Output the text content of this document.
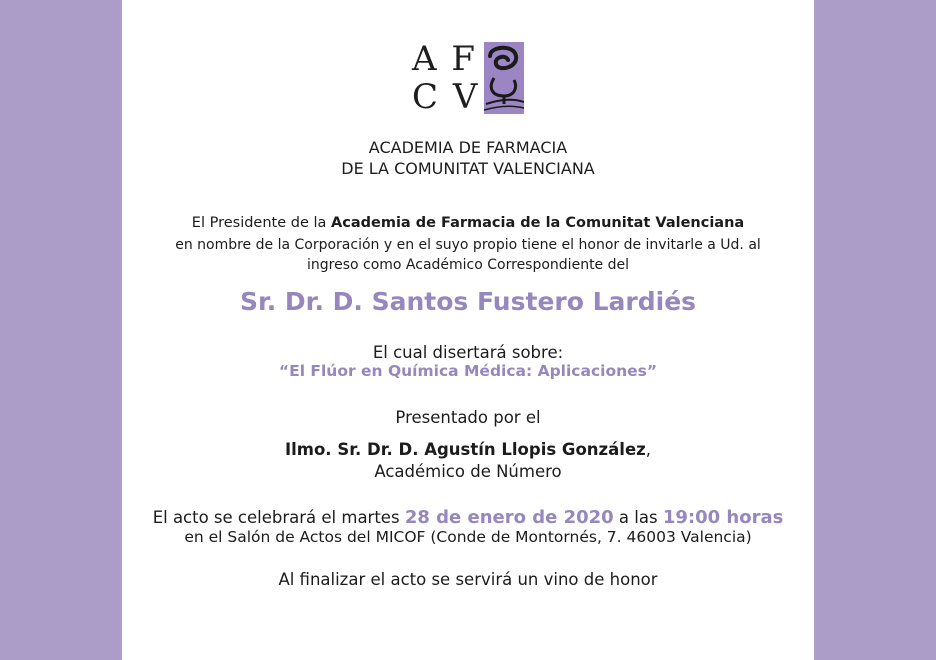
A F
C V
ACADEMIA DE FARMACIA
DE LA COMUNITAT VALENCIANA
El Presidente de la Academia de Farmacia de la Comunitat Valenciana
en nombre de la Corporación y en el suyo propio tiene el honor de invitarle a Ud. al
ingreso como Académico Correspondiente del
Sr. Dr. D. Santos Fustero Lardiés
El cual disertará sobre:
“El Flúor en Química Médica: Aplicaciones”
Presentado por el
Ilmo. Sr. Dr. D. Agustín Llopis González,
Académico de Número
El acto se celebrará el martes 28 de enero de 2020 a las 19:00 horas
en el Salón de Actos del MICOF (Conde de Montornés, 7. 46003 Valencia)
Al finalizar el acto se servirá un vino de honor
